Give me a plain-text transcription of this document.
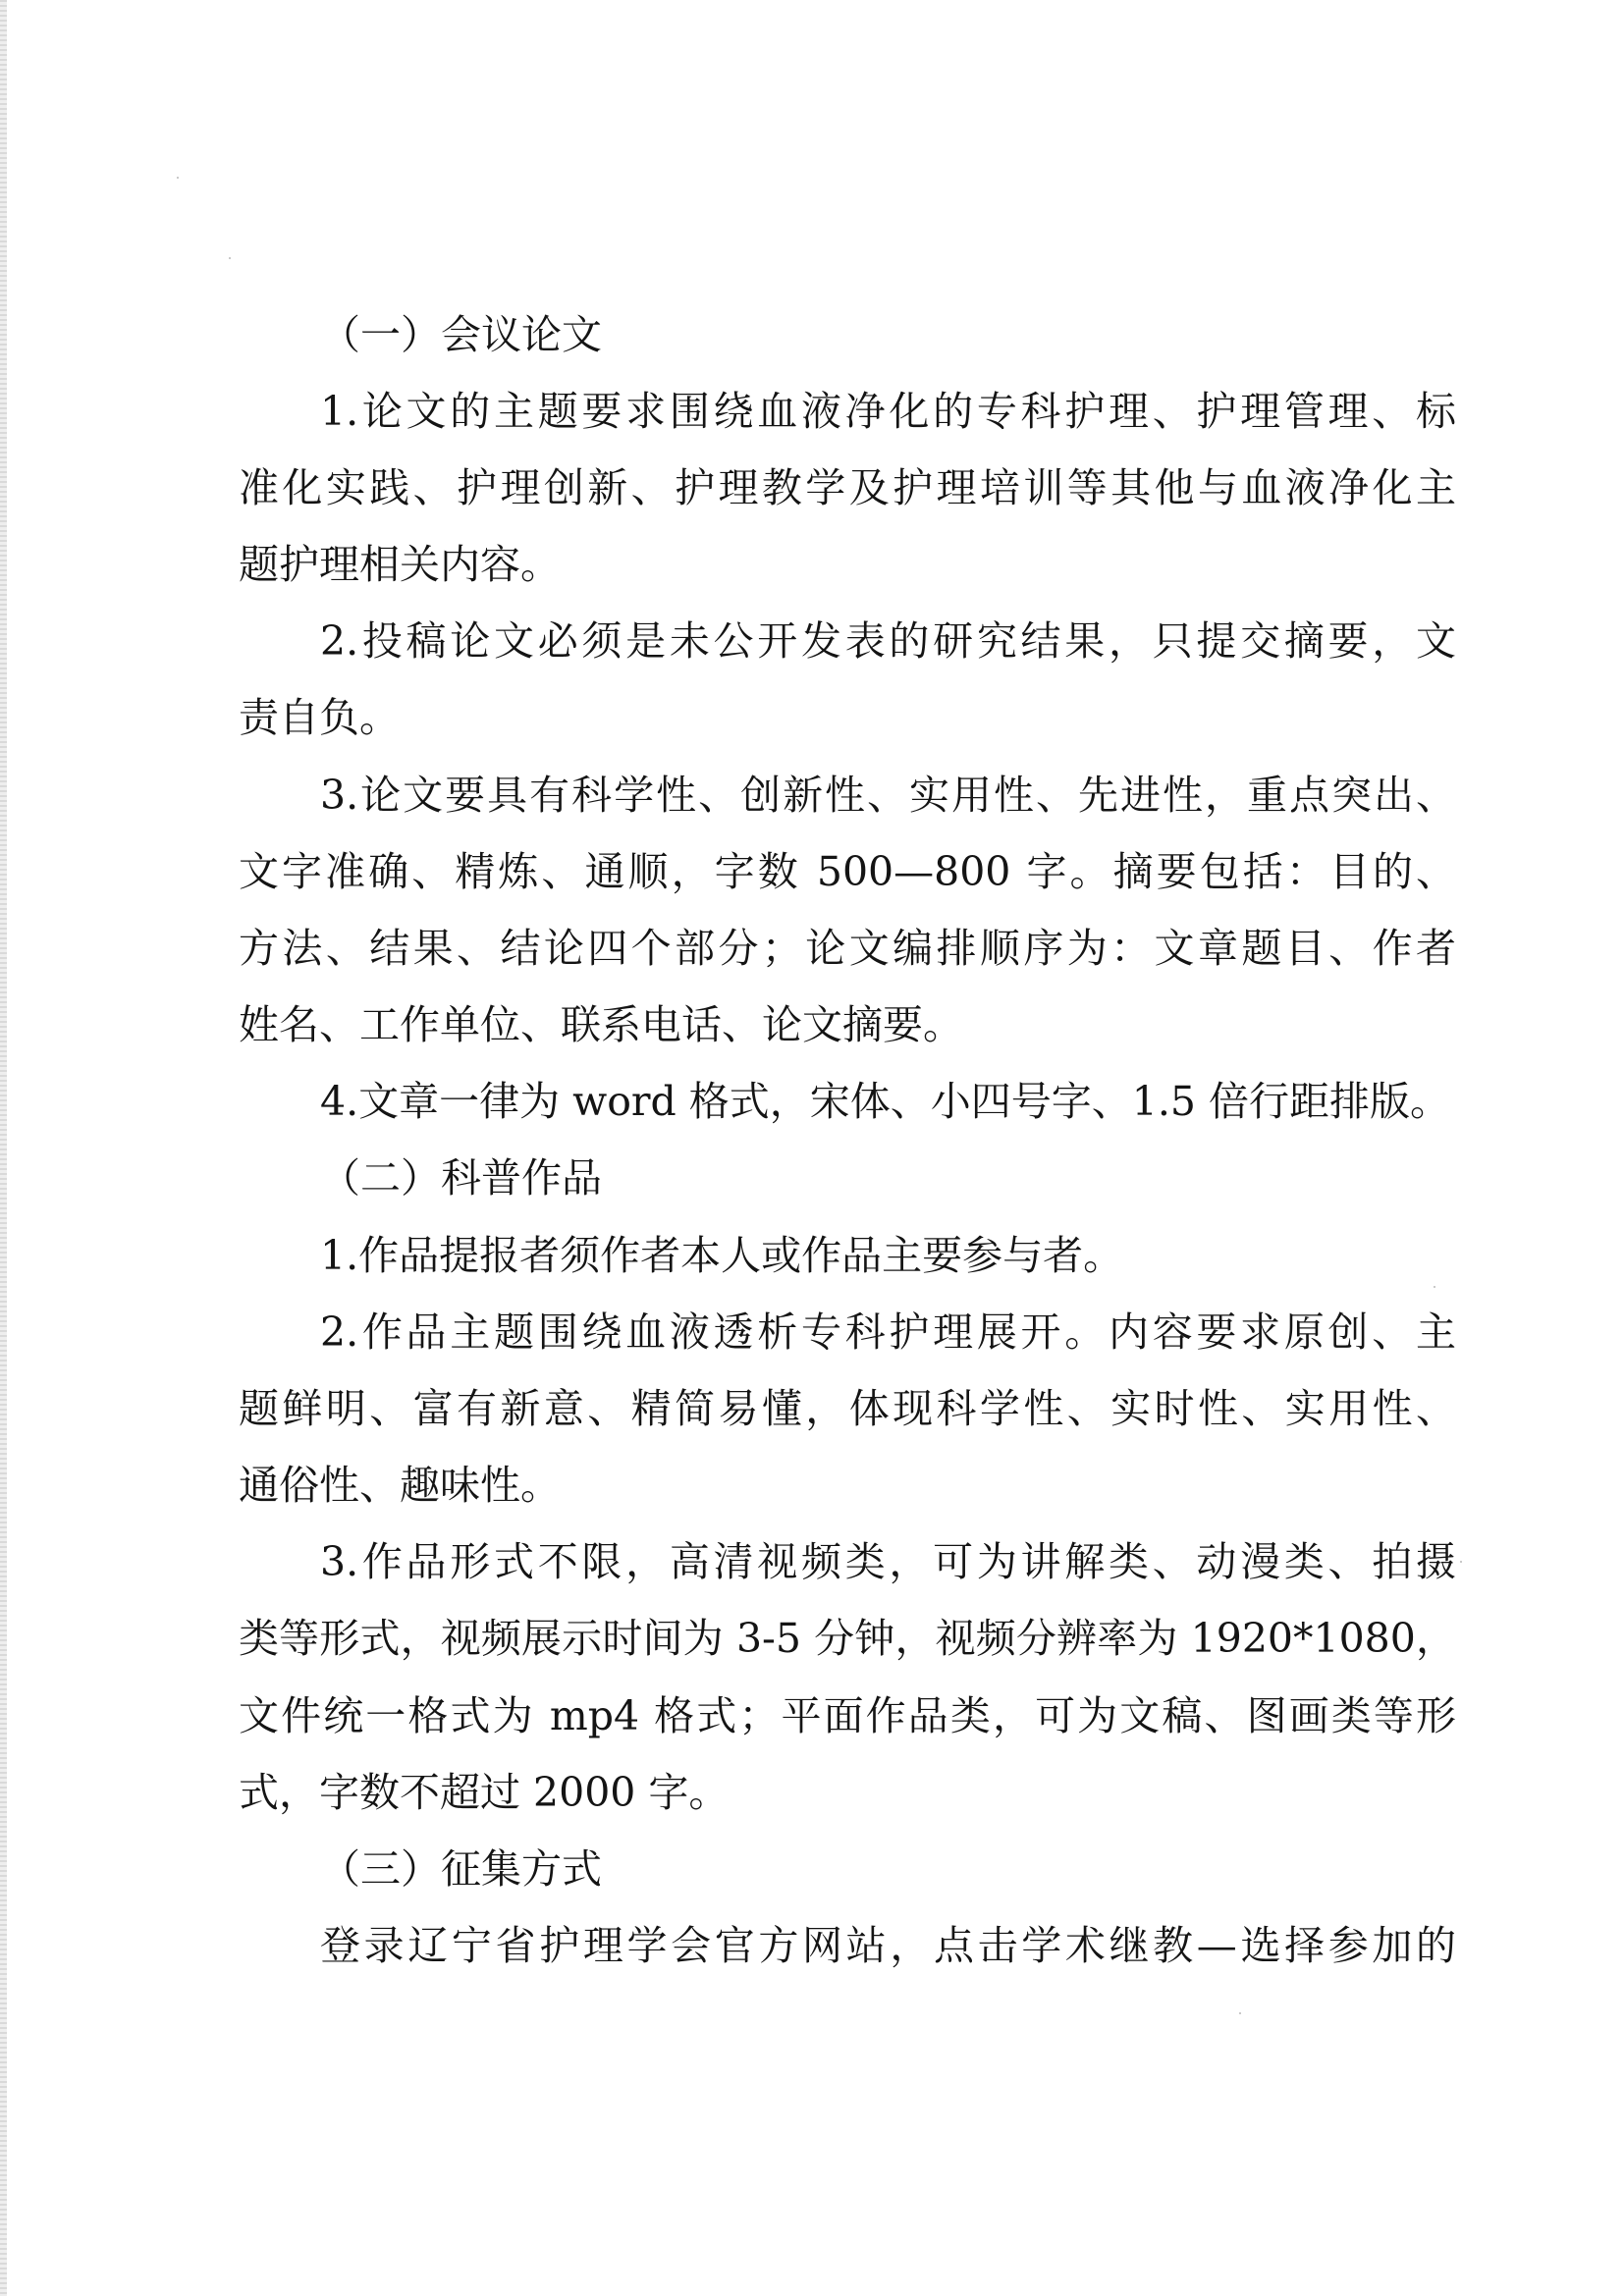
（一）会议论文
1.论文的主题要求围绕血液净化的专科护理、护理管理、标
准化实践、护理创新、护理教学及护理培训等其他与血液净化主
题护理相关内容。
2.投稿论文必须是未公开发表的研究结果，只提交摘要，文
责自负。
3.论文要具有科学性、创新性、实用性、先进性，重点突出、
文字准确、精炼、通顺，字数 500—800 字。摘要包括：目的、
方法、结果、结论四个部分；论文编排顺序为：文章题目、作者
姓名、工作单位、联系电话、论文摘要。
4.文章一律为 word 格式，宋体、小四号字、1.5 倍行距排版。
（二）科普作品
1.作品提报者须作者本人或作品主要参与者。
2.作品主题围绕血液透析专科护理展开。内容要求原创、主
题鲜明、富有新意、精简易懂，体现科学性、实时性、实用性、
通俗性、趣味性。
3.作品形式不限，高清视频类，可为讲解类、动漫类、拍摄
类等形式，视频展示时间为 3-5 分钟，视频分辨率为 1920*1080，
文件统一格式为 mp4 格式；平面作品类，可为文稿、图画类等形
式，字数不超过 2000 字。
（三）征集方式
登录辽宁省护理学会官方网站，点击学术继教—选择参加的
